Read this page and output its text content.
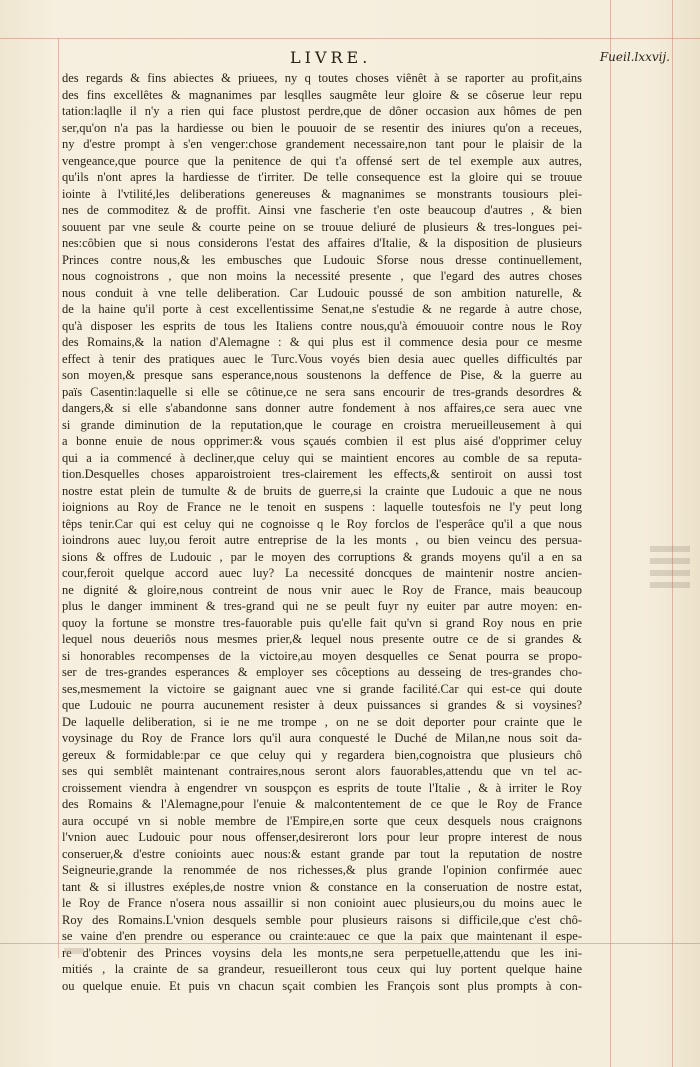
LIVRE.	Fueil.lxxvij.
des regards & fins abiectes & priuees, ny q toutes choses viênêt à se raporter au profit,ains
des fins excellêtes & magnanimes par lesqlles saugmête leur gloire & se côserue leur repu
tation:laqlle il n'y a rien qui face plustost perdre,que de dôner occasion aux hômes de pen
ser,qu'on n'a pas la hardiesse ou bien le pouuoir de se resentir des iniures qu'on a receues,
ny d'estre prompt à s'en venger:chose grandement necessaire,non tant pour le plaisir de la
vengeance,que pource que la penitence de qui t'a offensé sert de tel exemple aux autres,
qu'ils n'ont apres la hardiesse de t'irriter. De telle consequence est la gloire qui se trouue
iointe à l'vtilité,les deliberations genereuses & magnanimes se monstrants tousiours plei-
nes de commoditez & de proffit. Ainsi vne fascherie t'en oste beaucoup d'autres , & bien
souuent par vne seule & courte peine on se trouue deliuré de plusieurs & tres-longues pei-
nes:côbien que si nous considerons l'estat des affaires d'Italie, & la disposition de plusieurs
Princes contre nous,& les embusches que Ludouic Sforse nous dresse continuellement,
nous cognoistrons , que non moins la necessité presente , que l'egard des autres choses
nous conduit à vne telle deliberation. Car Ludouic poussé de son ambition naturelle, &
de la haine qu'il porte à cest excellentissime Senat,ne s'estudie & ne regarde à autre chose,
qu'à disposer les esprits de tous les Italiens contre nous,qu'à émouuoir contre nous le Roy
des Romains,& la nation d'Alemagne : & qui plus est il commence desia pour ce mesme
effect à tenir des pratiques auec le Turc.Vous voyés bien desia auec quelles difficultés par
son moyen,& presque sans esperance,nous soustenons la deffence de Pise, & la guerre au
païs Casentin:laquelle si elle se côtinue,ce ne sera sans encourir de tres-grands desordres &
dangers,& si elle s'abandonne sans donner autre fondement à nos affaires,ce sera auec vne
si grande diminution de la reputation,que le courage en croistra merueilleusement à qui
a bonne enuie de nous opprimer:& vous sçaués combien il est plus aisé d'opprimer celuy
qui a ia commencé à decliner,que celuy qui se maintient encores au comble de sa reputa-
tion.Desquelles choses apparoistroient tres-clairement les effects,& sentiroit on aussi tost
nostre estat plein de tumulte & de bruits de guerre,si la crainte que Ludouic a que ne nous
ioignions au Roy de France ne le tenoit en suspens : laquelle toutesfois ne l'y peut long
têps tenir.Car qui est celuy qui ne cognoisse q le Roy forclos de l'esperâce qu'il a que nous
ioindrons auec luy,ou feroit autre entreprise de la les monts , ou bien veincu des persua-
sions & offres de Ludouic , par le moyen des corruptions & grands moyens qu'il a en sa
cour,feroit quelque accord auec luy? La necessité doncques de maintenir nostre ancien-
ne dignité & gloire,nous contreint de nous vnir auec le Roy de France, mais beaucoup
plus le danger imminent & tres-grand qui ne se peult fuyr ny euiter par autre moyen: en-
quoy la fortune se monstre tres-fauorable puis qu'elle fait qu'vn si grand Roy nous en prie
lequel nous deueriôs nous mesmes prier,& lequel nous presente outre ce de si grandes &
si honorables recompenses de la victoire,au moyen desquelles ce Senat pourra se propo-
ser de tres-grandes esperances & employer ses côceptions au desseing de tres-grandes cho-
ses,mesmement la victoire se gaignant auec vne si grande facilité.Car qui est-ce qui doute
que Ludouic ne pourra aucunement resister à deux puissances si grandes & si voysines?
De laquelle deliberation, si ie ne me trompe , on ne se doit deporter pour crainte que le
voysinage du Roy de France lors qu'il aura conquesté le Duché de Milan,ne nous soit da-
gereux & formidable:par ce que celuy qui y regardera bien,cognoistra que plusieurs chô
ses qui semblêt maintenant contraires,nous seront alors fauorables,attendu que vn tel ac-
croissement viendra à engendrer vn souspçon es esprits de toute l'Italie , & à irriter le Roy
des Romains & l'Alemagne,pour l'enuie & malcontentement de ce que le Roy de France
aura occupé vn si noble membre de l'Empire,en sorte que ceux desquels nous craignons
l'vnion auec Ludouic pour nous offenser,desireront lors pour leur propre interest de nous
conseruer,& d'estre conioints auec nous:& estant grande par tout la reputation de nostre
Seigneurie,grande la renommée de nos richesses,& plus grande l'opinion confirmée auec
tant & si illustres exéples,de nostre vnion & constance en la conseruation de nostre estat,
le Roy de France n'osera nous assaillir si non conioint auec plusieurs,ou du moins auec le
Roy des Romains.L'vnion desquels semble pour plusieurs raisons si difficile,que c'est chô-
se vaine d'en prendre ou esperance ou crainte:auec ce que la paix que maintenant il espe-
re d'obtenir des Princes voysins dela les monts,ne sera perpetuelle,attendu que les ini-
mitiés , la crainte de sa grandeur, resueilleront tous ceux qui luy portent quelque haine
ou quelque enuie. Et puis vn chacun sçait combien les François sont plus prompts à con-
